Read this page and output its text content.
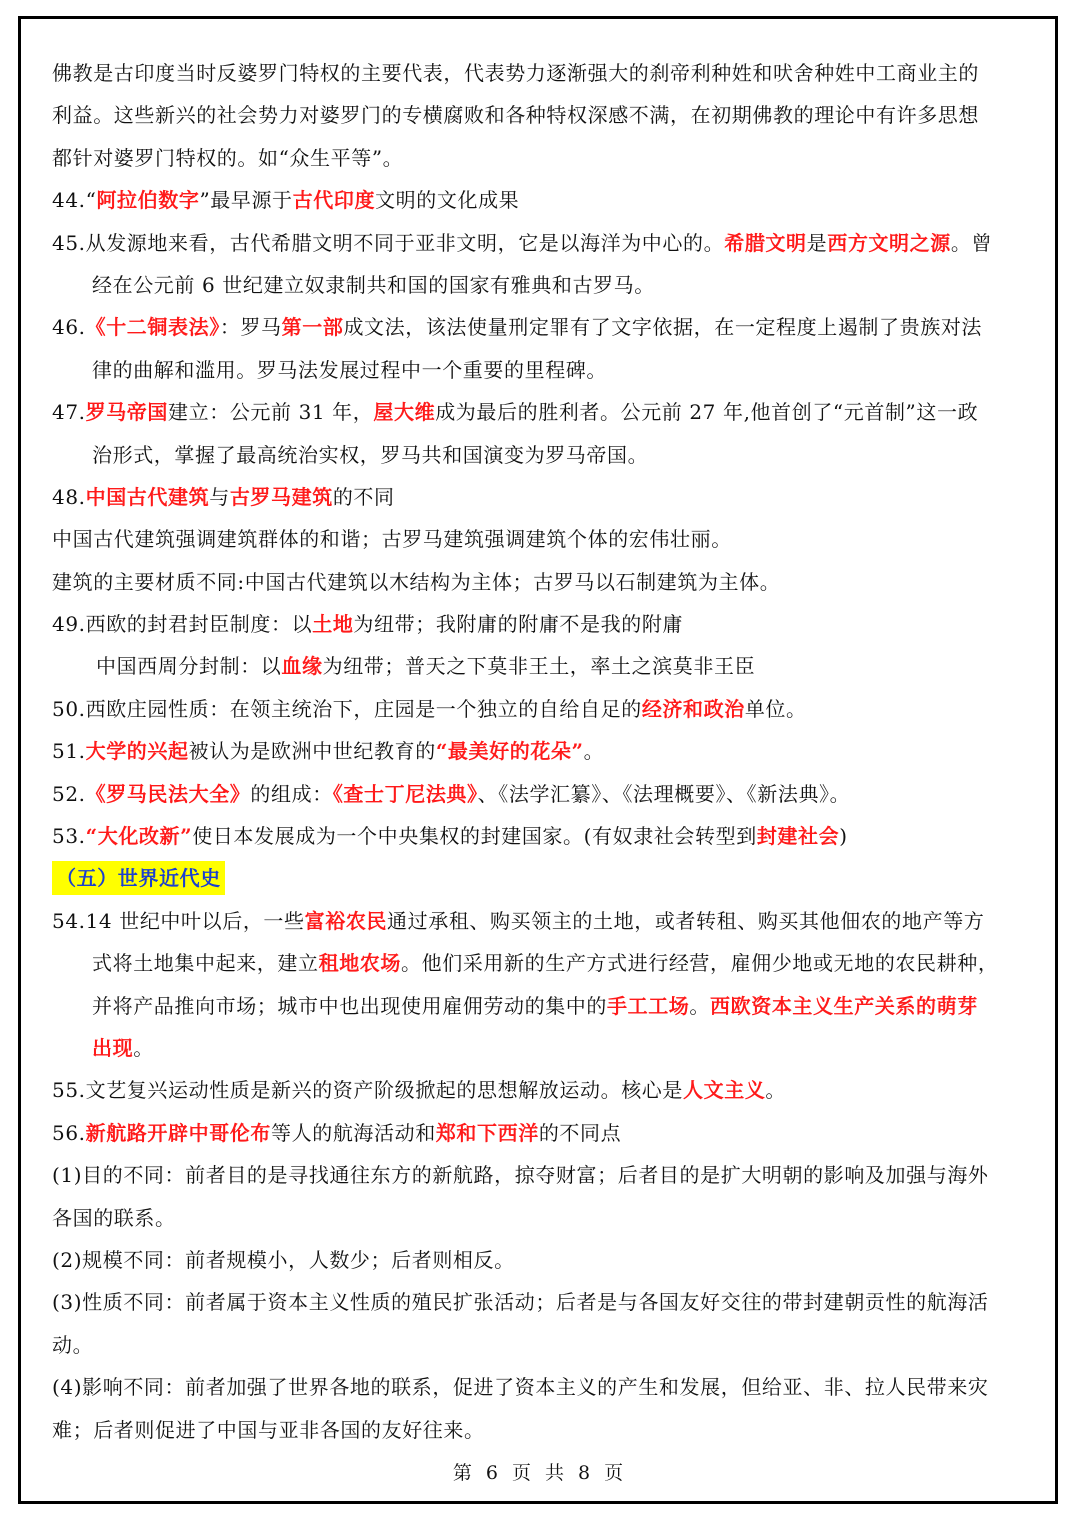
佛教是古印度当时反婆罗门特权的主要代表，代表势力逐渐强大的刹帝利种姓和吠舍种姓中工商业主的
利益。这些新兴的社会势力对婆罗门的专横腐败和各种特权深感不满，在初期佛教的理论中有许多思想
都针对婆罗门特权的。如“众生平等”。
44.“阿拉伯数字”最早源于古代印度文明的文化成果
45.从发源地来看，古代希腊文明不同于亚非文明，它是以海洋为中心的。希腊文明是西方文明之源。曾
经在公元前 6 世纪建立奴隶制共和国的国家有雅典和古罗马。
46.《十二铜表法》：罗马第一部成文法，该法使量刑定罪有了文字依据，在一定程度上遏制了贵族对法
律的曲解和滥用。罗马法发展过程中一个重要的里程碑。
47.罗马帝国建立：公元前 31 年，屋大维成为最后的胜利者。公元前 27 年,他首创了“元首制”这一政
治形式，掌握了最高统治实权，罗马共和国演变为罗马帝国。
48.中国古代建筑与古罗马建筑的不同
中国古代建筑强调建筑群体的和谐；古罗马建筑强调建筑个体的宏伟壮丽。
建筑的主要材质不同:中国古代建筑以木结构为主体；古罗马以石制建筑为主体。
49.西欧的封君封臣制度：以土地为纽带；我附庸的附庸不是我的附庸
中国西周分封制：以血缘为纽带；普天之下莫非王土，率土之滨莫非王臣
50.西欧庄园性质：在领主统治下，庄园是一个独立的自给自足的经济和政治单位。
51.大学的兴起被认为是欧洲中世纪教育的“最美好的花朵”。
52.《罗马民法大全》的组成：《查士丁尼法典》、《法学汇纂》、《法理概要》、《新法典》。
53.“大化改新”使日本发展成为一个中央集权的封建国家。(有奴隶社会转型到封建社会)
（五）世界近代史
54.14 世纪中叶以后，一些富裕农民通过承租、购买领主的土地，或者转租、购买其他佃农的地产等方
式将土地集中起来，建立租地农场。他们采用新的生产方式进行经营，雇佣少地或无地的农民耕种，
并将产品推向市场；城市中也出现使用雇佣劳动的集中的手工工场。西欧资本主义生产关系的萌芽
出现。
55.文艺复兴运动性质是新兴的资产阶级掀起的思想解放运动。核心是人文主义。
56.新航路开辟中哥伦布等人的航海活动和郑和下西洋的不同点
(1)目的不同：前者目的是寻找通往东方的新航路，掠夺财富；后者目的是扩大明朝的影响及加强与海外
各国的联系。
(2)规模不同：前者规模小，人数少；后者则相反。
(3)性质不同：前者属于资本主义性质的殖民扩张活动；后者是与各国友好交往的带封建朝贡性的航海活
动。
(4)影响不同：前者加强了世界各地的联系，促进了资本主义的产生和发展，但给亚、非、拉人民带来灾
难；后者则促进了中国与亚非各国的友好往来。
第 6 页 共 8 页
